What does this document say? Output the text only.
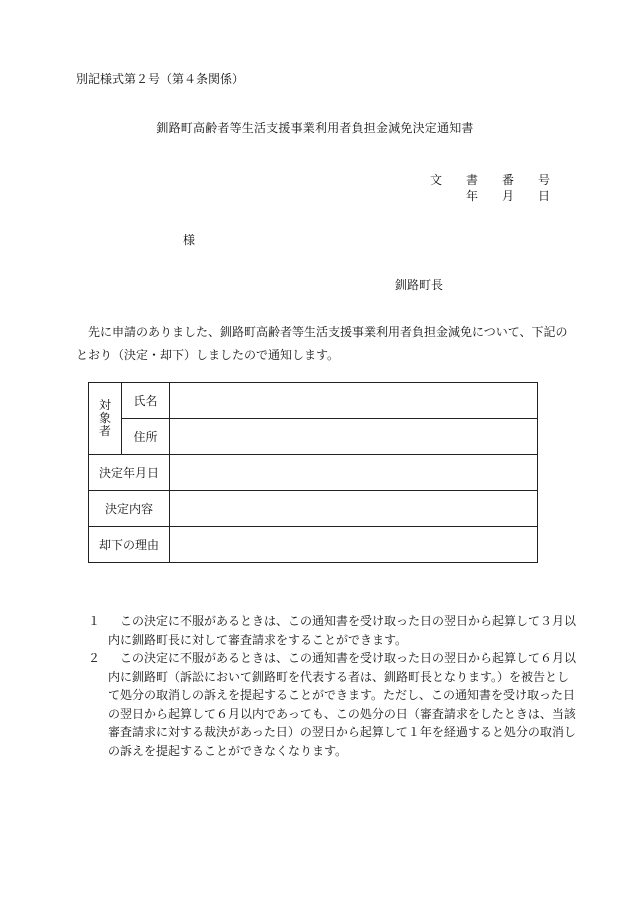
別記様式第２号（第４条関係）
釧路町高齢者等生活支援事業利用者負担金減免決定通知書
文	書	番	号
年	月	日
様
釧路町長
先に申請のありました、釧路町高齢者等生活支援事業利用者負担金減免について、下記のとおり（決定・却下）しましたので通知します。
対
象
者	氏名	
	住所	
決定年月日		
決定内容		
却下の理由		
１	この決定に不服があるときは、この通知書を受け取った日の翌日から起算して３月以内に釧路町長に対して審査請求をすることができます。
２	この決定に不服があるときは、この通知書を受け取った日の翌日から起算して６月以内に釧路町（訴訟において釧路町を代表する者は、釧路町長となります。）を被告として処分の取消しの訴えを提起することができます。ただし、この通知書を受け取った日の翌日から起算して６月以内であっても、この処分の日（審査請求をしたときは、当該審査請求に対する裁決があった日）の翌日から起算して１年を経過すると処分の取消しの訴えを提起することができなくなります。
